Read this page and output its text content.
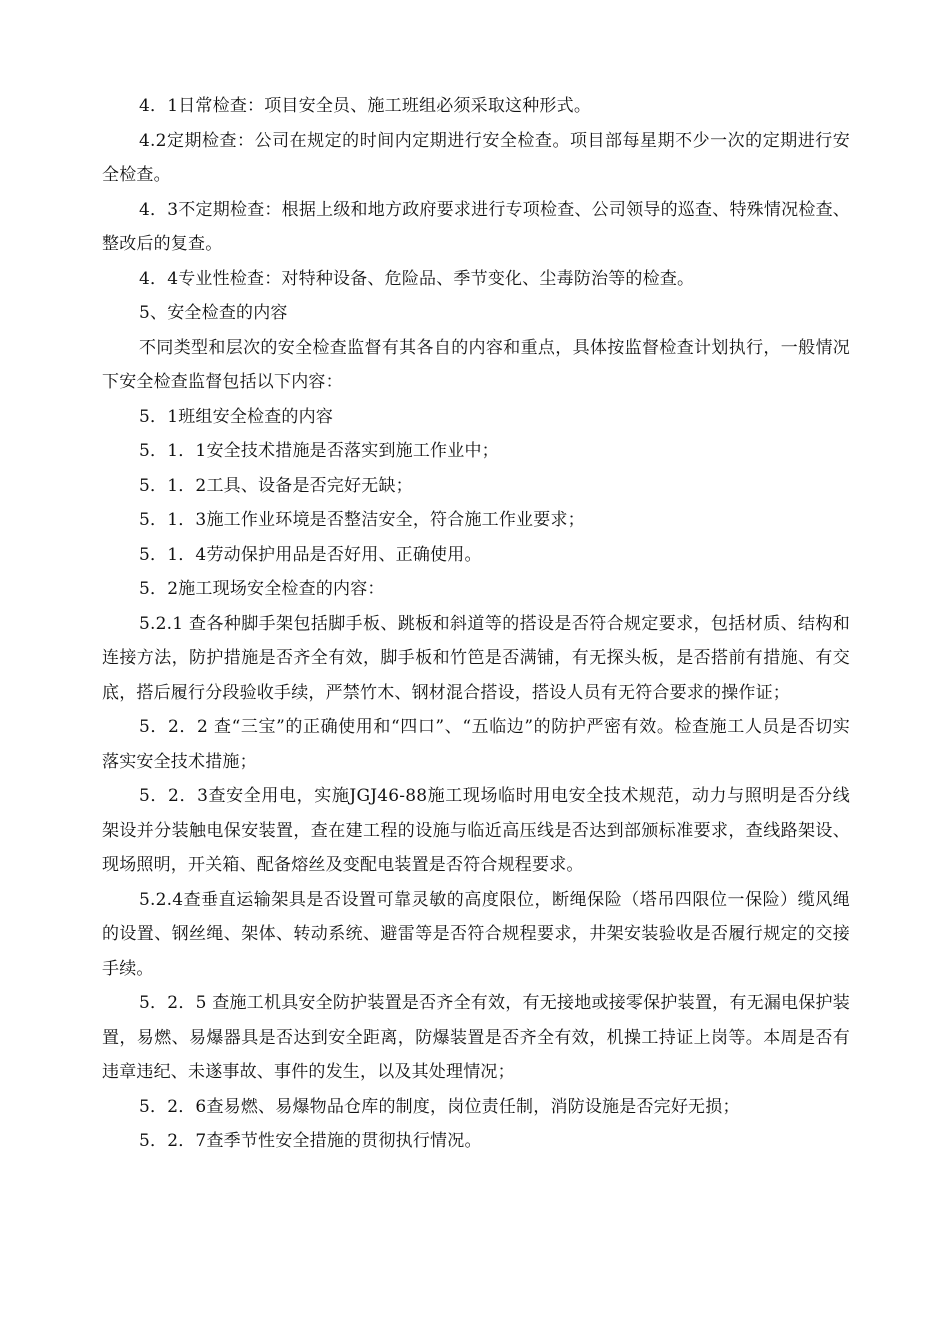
4．1日常检查：项目安全员、施工班组必须采取这种形式。

4.2定期检查：公司在规定的时间内定期进行安全检查。项目部每星期不少一次的定期进行安全检查。

4．3不定期检查：根据上级和地方政府要求进行专项检查、公司领导的巡查、特殊情况检查、整改后的复查。

4．4专业性检查：对特种设备、危险品、季节变化、尘毒防治等的检查。

5、安全检查的内容

不同类型和层次的安全检查监督有其各自的内容和重点，具体按监督检查计划执行，一般情况下安全检查监督包括以下内容：

5．1班组安全检查的内容

5．1．1安全技术措施是否落实到施工作业中；

5．1．2工具、设备是否完好无缺；

5．1．3施工作业环境是否整洁安全，符合施工作业要求；

5．1．4劳动保护用品是否好用、正确使用。

5．2施工现场安全检查的内容：

5.2.1 查各种脚手架包括脚手板、跳板和斜道等的搭设是否符合规定要求，包括材质、结构和连接方法，防护措施是否齐全有效，脚手板和竹笆是否满铺，有无探头板，是否搭前有措施、有交底，搭后履行分段验收手续，严禁竹木、钢材混合搭设，搭设人员有无符合要求的操作证；

5．2．2 查“三宝”的正确使用和“四口”、“五临边”的防护严密有效。检查施工人员是否切实落实安全技术措施；

5．2．3查安全用电，实施JGJ46-88施工现场临时用电安全技术规范，动力与照明是否分线架设并分装触电保安装置，查在建工程的设施与临近高压线是否达到部颁标准要求，查线路架设、现场照明，开关箱、配备熔丝及变配电装置是否符合规程要求。

5.2.4查垂直运输架具是否设置可靠灵敏的高度限位，断绳保险（塔吊四限位一保险）缆风绳的设置、钢丝绳、架体、转动系统、避雷等是否符合规程要求，井架安装验收是否履行规定的交接手续。

5．2．5 查施工机具安全防护装置是否齐全有效，有无接地或接零保护装置，有无漏电保护装置，易燃、易爆器具是否达到安全距离，防爆装置是否齐全有效，机操工持证上岗等。本周是否有违章违纪、未遂事故、事件的发生，以及其处理情况；

5．2．6查易燃、易爆物品仓库的制度，岗位责任制，消防设施是否完好无损；

5．2．7查季节性安全措施的贯彻执行情况。
